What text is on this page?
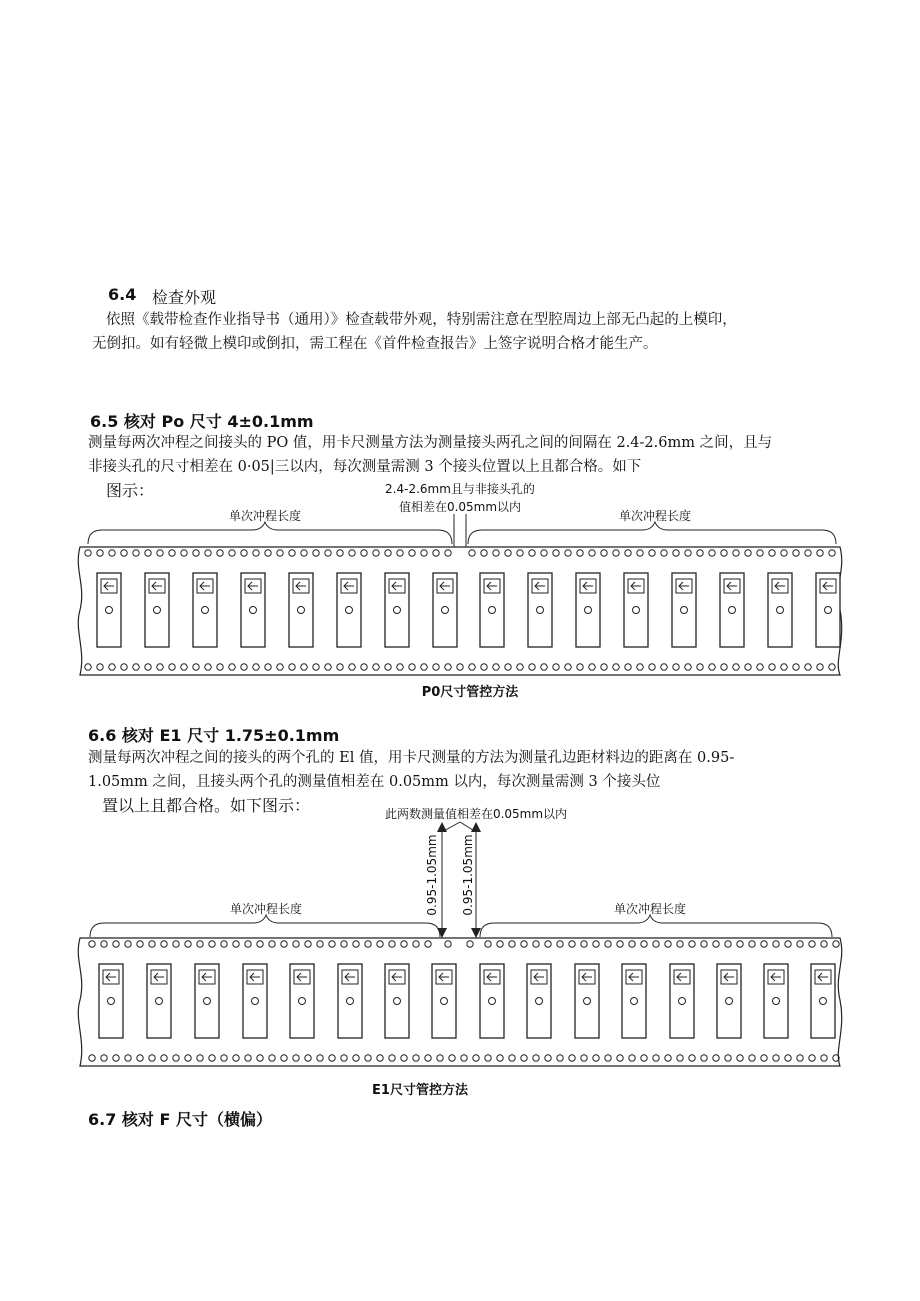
6.4 检查外观
依照《载带检查作业指导书（通用）》检查载带外观，特别需注意在型腔周边上部无凸起的上模印，
无倒扣。如有轻微上模印或倒扣，需工程在《首件检查报告》上签字说明合格才能生产。
6.5 核对 Po 尺寸 4±0.1mm
测量每两次冲程之间接头的 PO 值，用卡尺测量方法为测量接头两孔之间的间隔在 2.4-2.6mm 之间，且与
非接头孔的尺寸相差在 0·05|三以内，每次测量需测 3 个接头位置以上且都合格。如下
图示：	2.4-2.6mm且与非接头孔的
值相差在0.05mm以内
单次冲程长度	单次冲程长度
P0尺寸管控方法
6.6 核对 E1 尺寸 1.75±0.1mm
测量每两次冲程之间的接头的两个孔的 El 值，用卡尺测量的方法为测量孔边距材料边的距离在 0.95-
1.05mm 之间，且接头两个孔的测量值相差在 0.05mm 以内，每次测量需测 3 个接头位
置以上且都合格。如下图示：	此两数测量值相差在0.05mm以内
0.95-1.05mm 0.95-1.05mm
单次冲程长度	单次冲程长度
E1尺寸管控方法
6.7 核对 F 尺寸（横偏）
